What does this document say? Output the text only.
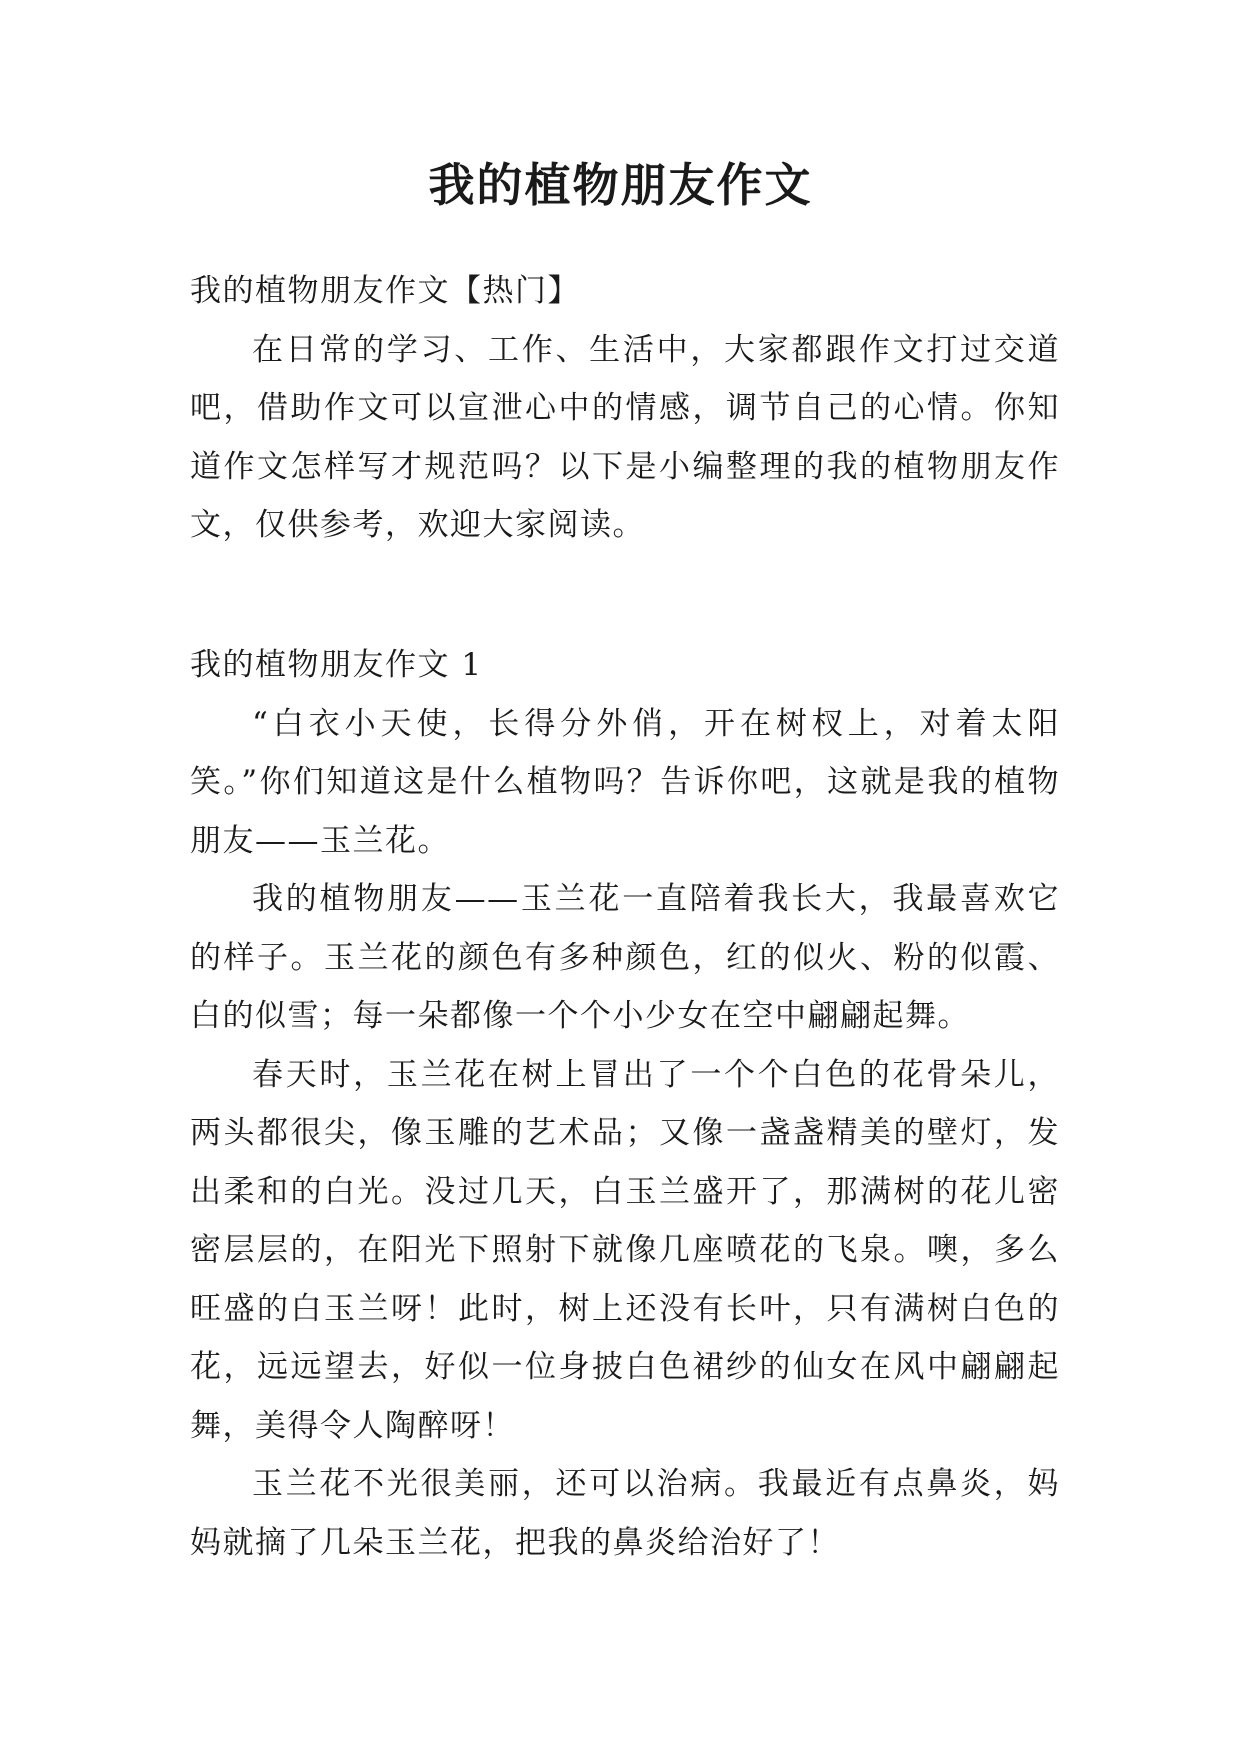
我的植物朋友作文

我的植物朋友作文【热门】

在日常的学习、工作、生活中，大家都跟作文打过交道吧，借助作文可以宣泄心中的情感，调节自己的心情。你知道作文怎样写才规范吗？以下是小编整理的我的植物朋友作文，仅供参考，欢迎大家阅读。

我的植物朋友作文 1

“白衣小天使，长得分外俏，开在树杈上，对着太阳笑。”你们知道这是什么植物吗？告诉你吧，这就是我的植物朋友——玉兰花。

我的植物朋友——玉兰花一直陪着我长大，我最喜欢它的样子。玉兰花的颜色有多种颜色，红的似火、粉的似霞、白的似雪；每一朵都像一个个小少女在空中翩翩起舞。

春天时，玉兰花在树上冒出了一个个白色的花骨朵儿，两头都很尖，像玉雕的艺术品；又像一盏盏精美的壁灯，发出柔和的白光。没过几天，白玉兰盛开了，那满树的花儿密密层层的，在阳光下照射下就像几座喷花的飞泉。噢，多么旺盛的白玉兰呀！此时，树上还没有长叶，只有满树白色的花，远远望去，好似一位身披白色裙纱的仙女在风中翩翩起舞，美得令人陶醉呀！

玉兰花不光很美丽，还可以治病。我最近有点鼻炎，妈妈就摘了几朵玉兰花，把我的鼻炎给治好了！
